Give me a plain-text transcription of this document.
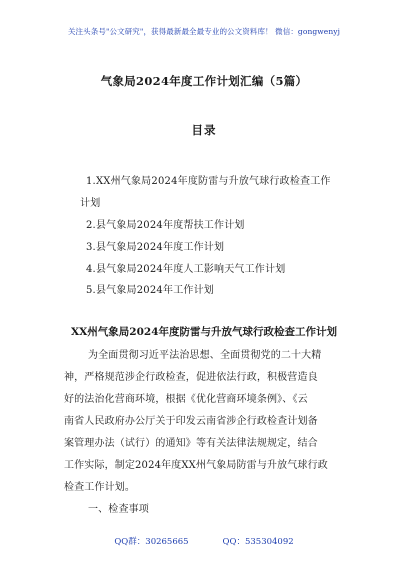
关注头条号"公文研究"，获得最新最全最专业的公文资料库！ 微信：gongwenyj
气象局2024年度工作计划汇编（5篇）
目录
1.XX州气象局2024年度防雷与升放气球行政检查工作
计划
2.县气象局2024年度帮扶工作计划
3.县气象局2024年度工作计划
4.县气象局2024年度人工影响天气工作计划
5.县气象局2024年工作计划
XX州气象局2024年度防雷与升放气球行政检查工作计划
为全面贯彻习近平法治思想、全面贯彻党的二十大精
神，严格规范涉企行政检查，促进依法行政，积极营造良
好的法治化营商环境，根据《优化营商环境条例》、《云
南省人民政府办公厅关于印发云南省涉企行政检查计划备
案管理办法（试行）的通知》等有关法律法规规定，结合
工作实际，制定2024年度XX州气象局防雷与升放气球行政
检查工作计划。
一、检查事项
QQ群：30265665	QQ：535304092
